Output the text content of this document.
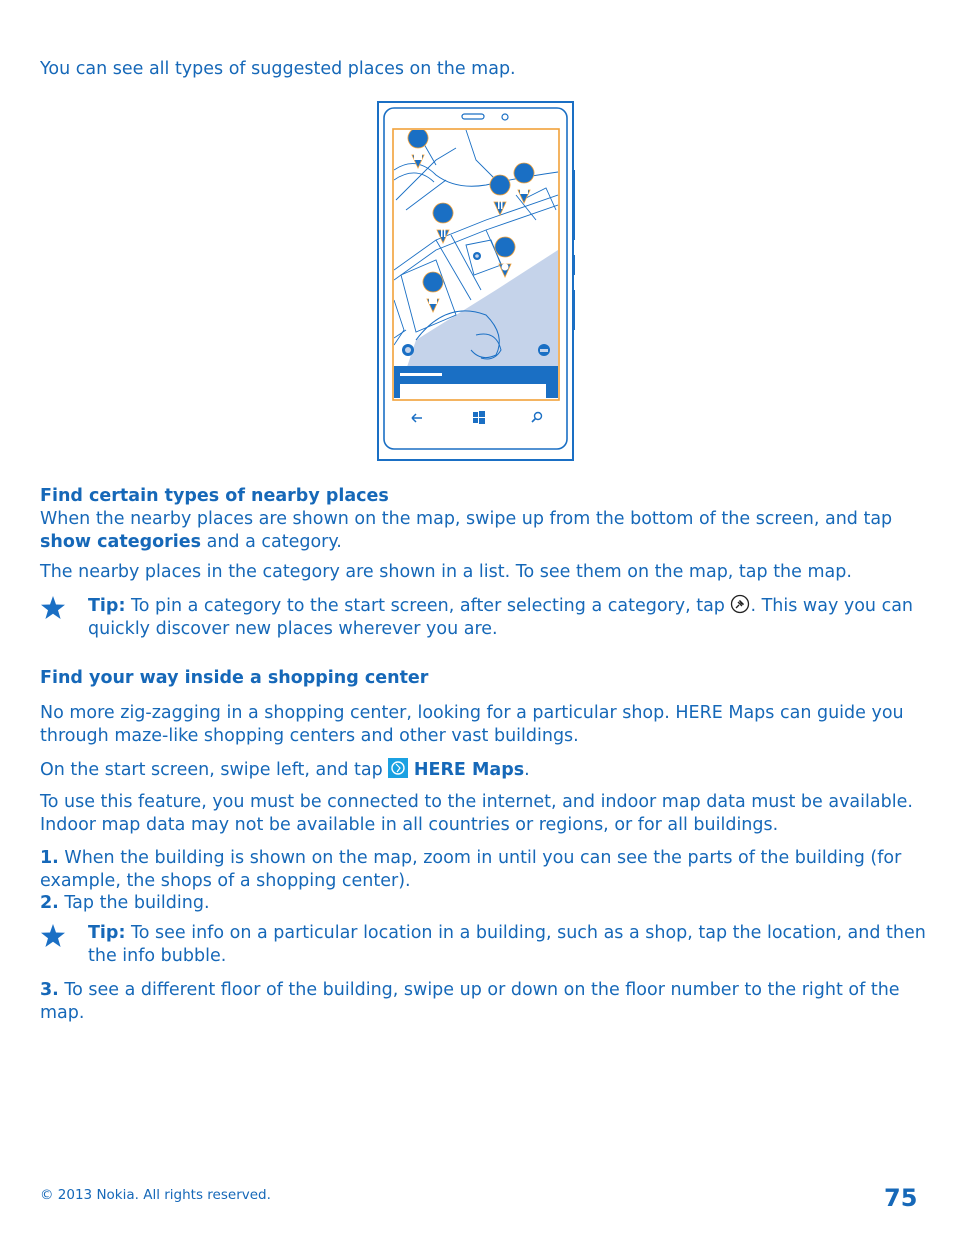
You can see all types of suggested places on the map.
Find certain types of nearby places
When the nearby places are shown on the map, swipe up from the bottom of the screen, and tap show categories and a category.
The nearby places in the category are shown in a list. To see them on the map, tap the map.
Tip: To pin a category to the start screen, after selecting a category, tap . This way you can quickly discover new places wherever you are.
Find your way inside a shopping center
No more zig-zagging in a shopping center, looking for a particular shop. HERE Maps can guide you through maze-like shopping centers and other vast buildings.
On the start screen, swipe left, and tap  HERE Maps.
To use this feature, you must be connected to the internet, and indoor map data must be available. Indoor map data may not be available in all countries or regions, or for all buildings.
1. When the building is shown on the map, zoom in until you can see the parts of the building (for example, the shops of a shopping center).
2. Tap the building.
Tip: To see info on a particular location in a building, such as a shop, tap the location, and then the info bubble.
3. To see a different floor of the building, swipe up or down on the floor number to the right of the map.
© 2013 Nokia. All rights reserved.	75
